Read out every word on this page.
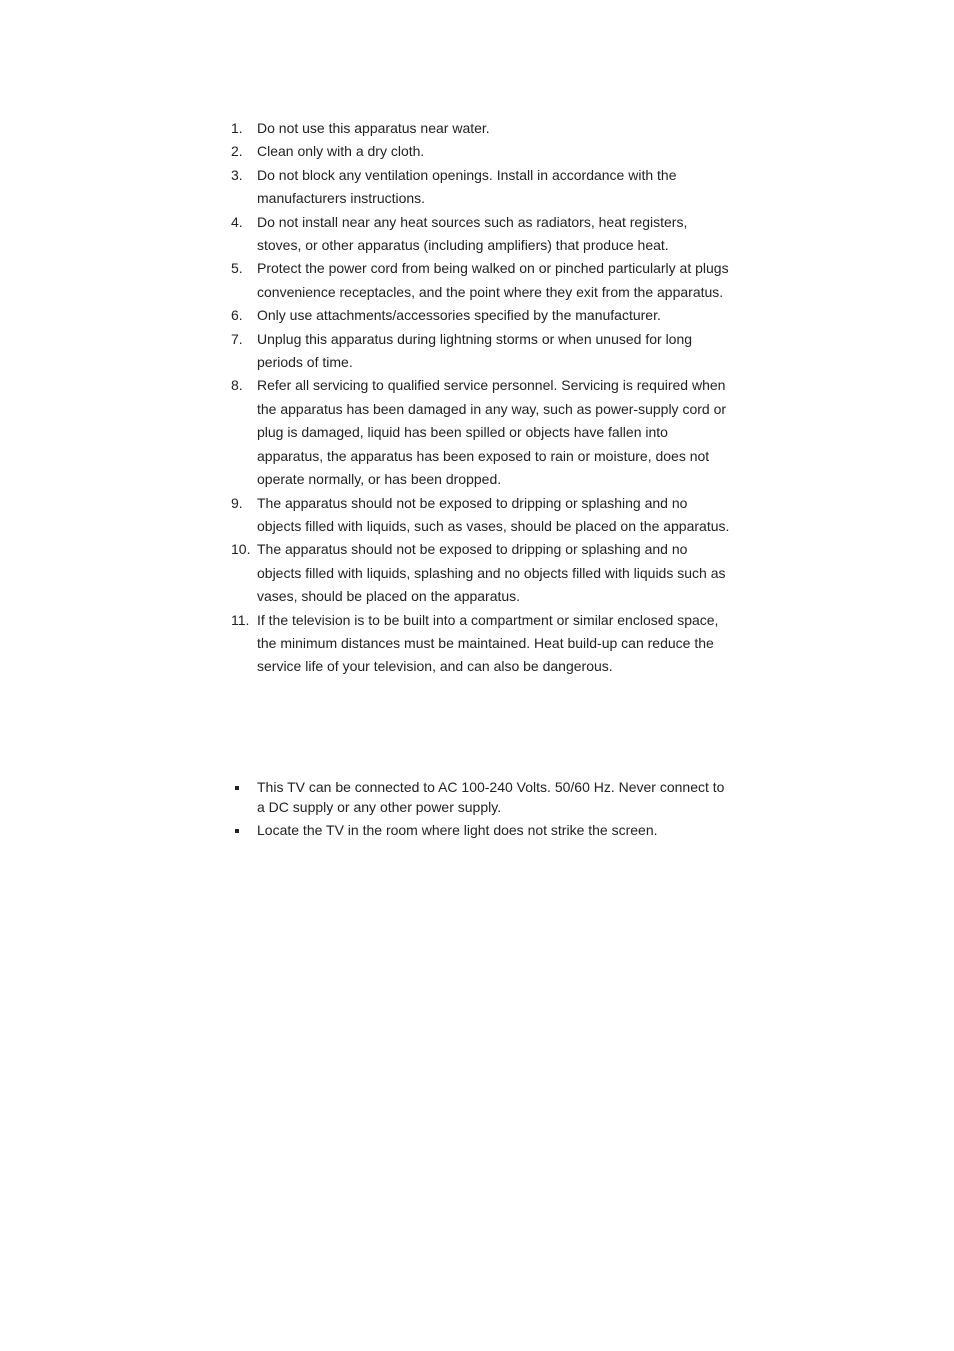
1. Do not use this apparatus near water.
2. Clean only with a dry cloth.
3. Do not block any ventilation openings. Install in accordance with the manufacturers instructions.
4. Do not install near any heat sources such as radiators, heat registers, stoves, or other apparatus (including amplifiers) that produce heat.
5. Protect the power cord from being walked on or pinched particularly at plugs convenience receptacles, and the point where they exit from the apparatus.
6. Only use attachments/accessories specified by the manufacturer.
7. Unplug this apparatus during lightning storms or when unused for long periods of time.
8. Refer all servicing to qualified service personnel. Servicing is required when the apparatus has been damaged in any way, such as power-supply cord or plug is damaged, liquid has been spilled or objects have fallen into apparatus, the apparatus has been exposed to rain or moisture, does not operate normally, or has been dropped.
9. The apparatus should not be exposed to dripping or splashing and no objects filled with liquids, such as vases, should be placed on the apparatus.
10. The apparatus should not be exposed to dripping or splashing and no objects filled with liquids, splashing and no objects filled with liquids such as vases, should be placed on the apparatus.
11. If the television is to be built into a compartment or similar enclosed space, the minimum distances must be maintained. Heat build-up can reduce the service life of your television, and can also be dangerous.
This TV can be connected to AC 100-240 Volts. 50/60 Hz. Never connect to a DC supply or any other power supply.
Locate the TV in the room where light does not strike the screen.
